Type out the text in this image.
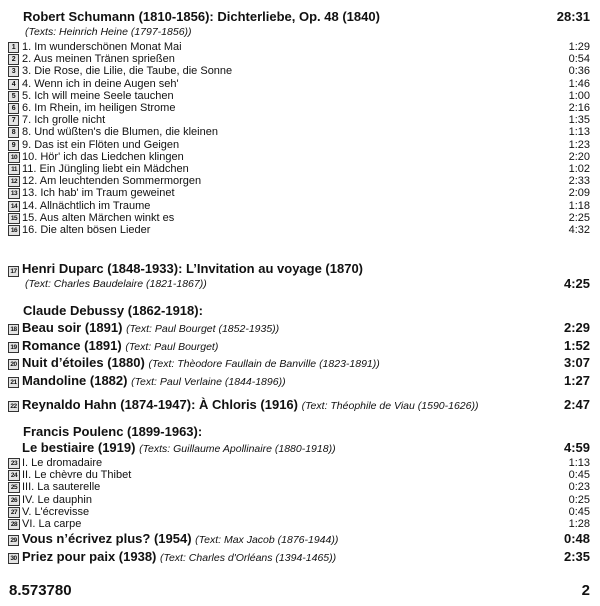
Robert Schumann (1810-1856): Dichterliebe, Op. 48 (1840)	28:31
(Texts: Heinrich Heine (1797-1856))
1 1. Im wunderschönen Monat Mai	1:29
2 2. Aus meinen Tränen sprießen	0:54
3 3. Die Rose, die Lilie, die Taube, die Sonne	0:36
4 4. Wenn ich in deine Augen seh'	1:46
5 5. Ich will meine Seele tauchen	1:00
6 6. Im Rhein, im heiligen Strome	2:16
7 7. Ich grolle nicht	1:35
8 8. Und wüßten's die Blumen, die kleinen	1:13
9 9. Das ist ein Flöten und Geigen	1:23
10 10. Hör' ich das Liedchen klingen	2:20
11 11. Ein Jüngling liebt ein Mädchen	1:02
12 12. Am leuchtenden Sommermorgen	2:33
13 13. Ich hab' im Traum geweinet	2:09
14 14. Allnächtlich im Traume	1:18
15 15. Aus alten Märchen winkt es	2:25
16 16. Die alten bösen Lieder	4:32
17 Henri Duparc (1848-1933): L’Invitation au voyage (1870)
(Text: Charles Baudelaire (1821-1867))	4:25
Claude Debussy (1862-1918):
18 Beau soir (1891) (Text: Paul Bourget (1852-1935))	2:29
19 Romance (1891) (Text: Paul Bourget)	1:52
20 Nuit d’étoiles (1880) (Text: Thèodore Faullain de Banville (1823-1891))	3:07
21 Mandoline (1882) (Text: Paul Verlaine (1844-1896))	1:27
22 Reynaldo Hahn (1874-1947): À Chloris (1916) (Text: Théophile de Viau (1590-1626))	2:47
Francis Poulenc (1899-1963):
Le bestiaire (1919) (Texts: Guillaume Apollinaire (1880-1918))	4:59
23 I. Le dromadaire	1:13
24 II. Le chèvre du Thibet	0:45
25 III. La sauterelle	0:23
26 IV. Le dauphin	0:25
27 V. L'écrevisse	0:45
28 VI. La carpe	1:28
29 Vous n’écrivez plus? (1954) (Text: Max Jacob (1876-1944))	0:48
30 Priez pour paix (1938) (Text: Charles d'Orléans (1394-1465))	2:35
8.573780	2
